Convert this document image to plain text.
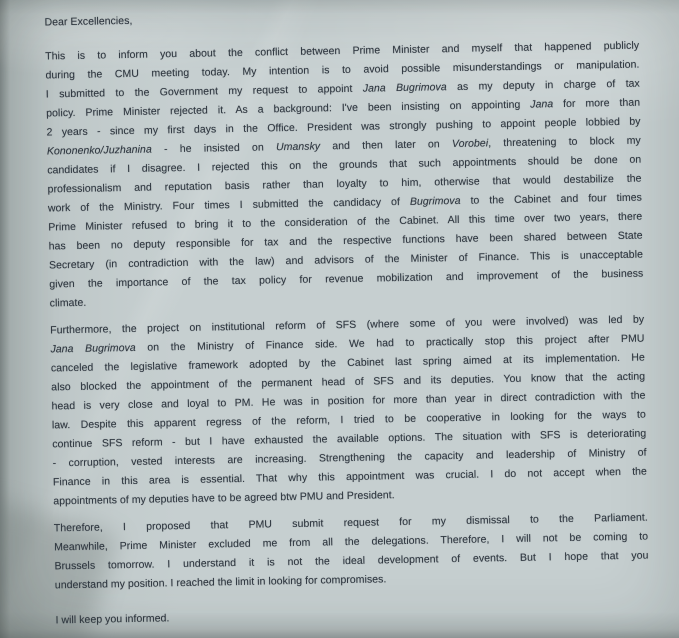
Dear Excellencies,
This is to inform you about the conflict between Prime Minister and myself that happened publicly
during the CMU meeting today. My intention is to avoid possible misunderstandings or manipulation.
I submitted to the Government my request to appoint Jana Bugrimova as my deputy in charge of tax
policy. Prime Minister rejected it. As a background: I've been insisting on appointing Jana for more than
2 years - since my first days in the Office. President was strongly pushing to appoint people lobbied by
Kononenko/Juzhanina - he insisted on Umansky and then later on Vorobei, threatening to block my
candidates if I disagree. I rejected this on the grounds that such appointments should be done on
professionalism and reputation basis rather than loyalty to him, otherwise that would destabilize the
work of the Ministry. Four times I submitted the candidacy of Bugrimova to the Cabinet and four times
Prime Minister refused to bring it to the consideration of the Cabinet. All this time over two years, there
has been no deputy responsible for tax and the respective functions have been shared between State
Secretary (in contradiction with the law) and advisors of the Minister of Finance. This is unacceptable
given the importance of the tax policy for revenue mobilization and improvement of the business
climate.
Furthermore, the project on institutional reform of SFS (where some of you were involved) was led by
Jana Bugrimova on the Ministry of Finance side. We had to practically stop this project after PMU
canceled the legislative framework adopted by the Cabinet last spring aimed at its implementation. He
also blocked the appointment of the permanent head of SFS and its deputies. You know that the acting
head is very close and loyal to PM. He was in position for more than year in direct contradiction with the
law. Despite this apparent regress of the reform, I tried to be cooperative in looking for the ways to
continue SFS reform - but I have exhausted the available options. The situation with SFS is deteriorating
- corruption, vested interests are increasing. Strengthening the capacity and leadership of Ministry of
Finance in this area is essential. That why this appointment was crucial. I do not accept when the
appointments of my deputies have to be agreed btw PMU and President.
Therefore, I proposed that PMU submit request for my dismissal to the Parliament.
Meanwhile, Prime Minister excluded me from all the delegations. Therefore, I will not be coming to
Brussels tomorrow. I understand it is not the ideal development of events. But I hope that you
understand my position. I reached the limit in looking for compromises.
I will keep you informed.
